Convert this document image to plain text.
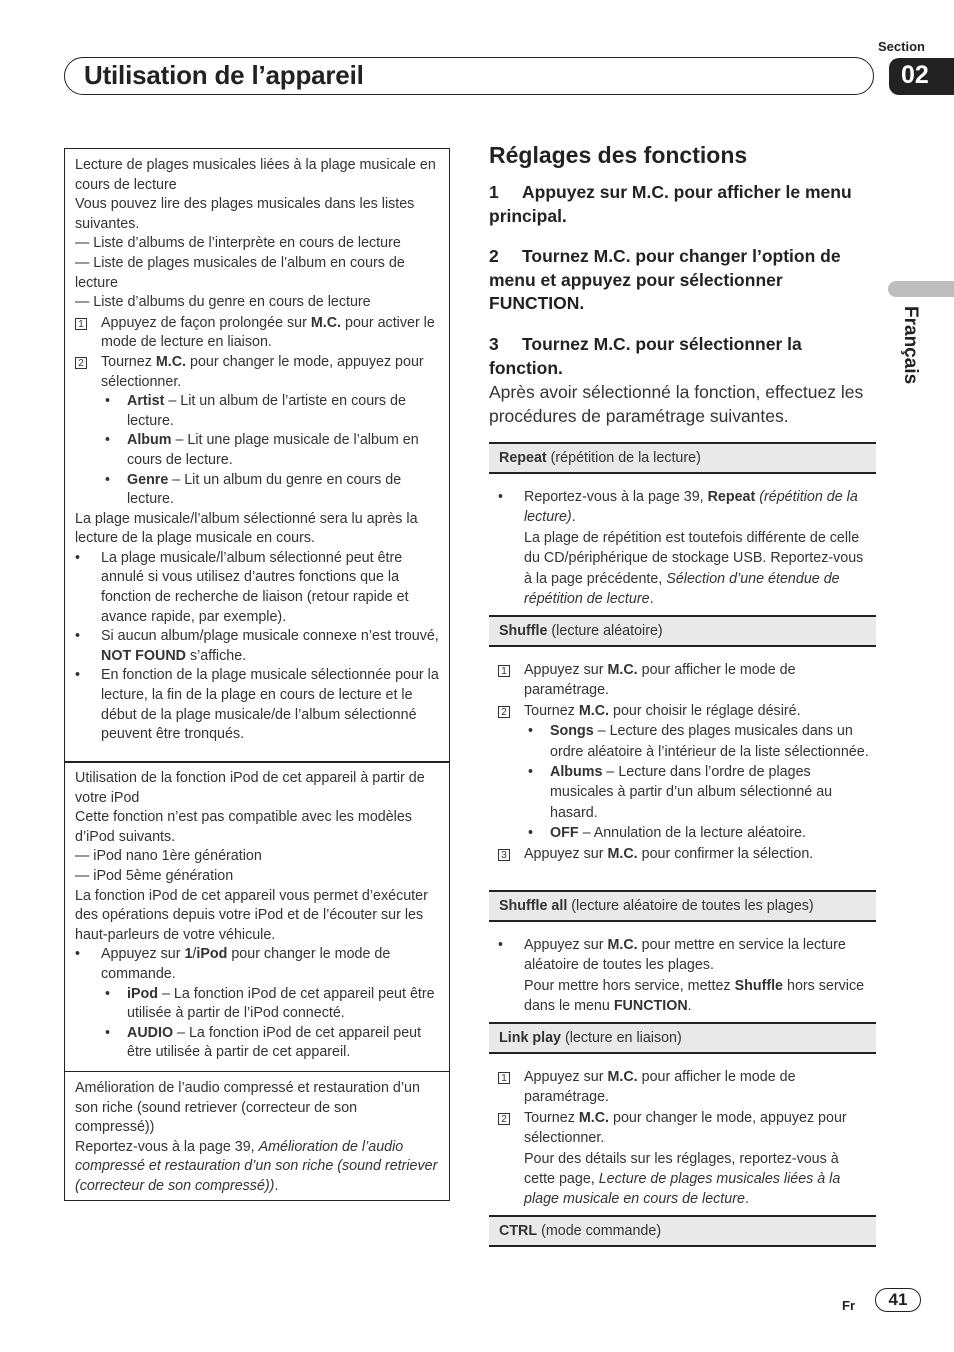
Section
Utilisation de l’appareil	02
Français

Lecture de plages musicales liées à la plage musicale en cours de lecture

Vous pouvez lire des plages musicales dans les listes suivantes.

— Liste d’albums de l’interprète en cours de lecture

— Liste de plages musicales de l’album en cours de lecture

— Liste d’albums du genre en cours de lecture

1	Appuyez de façon prolongée sur M.C. pour activer le mode de lecture en liaison.
2	Tournez M.C. pour changer le mode, appuyez pour sélectionner.
•	Artist – Lit un album de l’artiste en cours de lecture.
•	Album – Lit une plage musicale de l’album en cours de lecture.
•	Genre – Lit un album du genre en cours de lecture.

La plage musicale/l’album sélectionné sera lu après la lecture de la plage musicale en cours.

•	La plage musicale/l’album sélectionné peut être annulé si vous utilisez d’autres fonctions que la fonction de recherche de liaison (retour rapide et avance rapide, par exemple).
•	Si aucun album/plage musicale connexe n’est trouvé, NOT FOUND s’affiche.
•	En fonction de la plage musicale sélectionnée pour la lecture, la fin de la plage en cours de lecture et le début de la plage musicale/de l’album sélectionné peuvent être tronqués.

Utilisation de la fonction iPod de cet appareil à partir de votre iPod

Cette fonction n’est pas compatible avec les modèles d’iPod suivants.

— iPod nano 1ère génération

— iPod 5ème génération

La fonction iPod de cet appareil vous permet d’exécuter des opérations depuis votre iPod et de l’écouter sur les haut-parleurs de votre véhicule.

•	Appuyez sur 1/iPod pour changer le mode de commande.
•	iPod – La fonction iPod de cet appareil peut être utilisée à partir de l’iPod connecté.
•	AUDIO – La fonction iPod de cet appareil peut être utilisée à partir de cet appareil.

Amélioration de l’audio compressé et restauration d’un son riche (sound retriever (correcteur de son compressé))

Reportez-vous à la page 39, Amélioration de l’audio compressé et restauration d’un son riche (sound retriever (correcteur de son compressé)).

Réglages des fonctions
1 Appuyez sur M.C. pour afficher le menu principal.
2 Tournez M.C. pour changer l’option de menu et appuyez pour sélectionner FUNCTION.
3 Tournez M.C. pour sélectionner la fonction.
Après avoir sélectionné la fonction, effectuez les procédures de paramétrage suivantes.
Repeat (répétition de la lecture)
•	Reportez-vous à la page 39, Repeat (répétition de la lecture).
La plage de répétition est toutefois différente de celle du CD/périphérique de stockage USB. Reportez-vous à la page précédente, Sélection d’une étendue de répétition de lecture.
Shuffle (lecture aléatoire)
1	Appuyez sur M.C. pour afficher le mode de paramétrage.
2	Tournez M.C. pour choisir le réglage désiré.
•	Songs – Lecture des plages musicales dans un ordre aléatoire à l’intérieur de la liste sélectionnée.
•	Albums – Lecture dans l’ordre de plages musicales à partir d’un album sélectionné au hasard.
•	OFF – Annulation de la lecture aléatoire.
3	Appuyez sur M.C. pour confirmer la sélection.
Shuffle all (lecture aléatoire de toutes les plages)
•	Appuyez sur M.C. pour mettre en service la lecture aléatoire de toutes les plages.
Pour mettre hors service, mettez Shuffle hors service dans le menu FUNCTION.
Link play (lecture en liaison)
1	Appuyez sur M.C. pour afficher le mode de paramétrage.
2	Tournez M.C. pour changer le mode, appuyez pour sélectionner.
Pour des détails sur les réglages, reportez-vous à cette page, Lecture de plages musicales liées à la plage musicale en cours de lecture.
CTRL (mode commande)
Fr	41
